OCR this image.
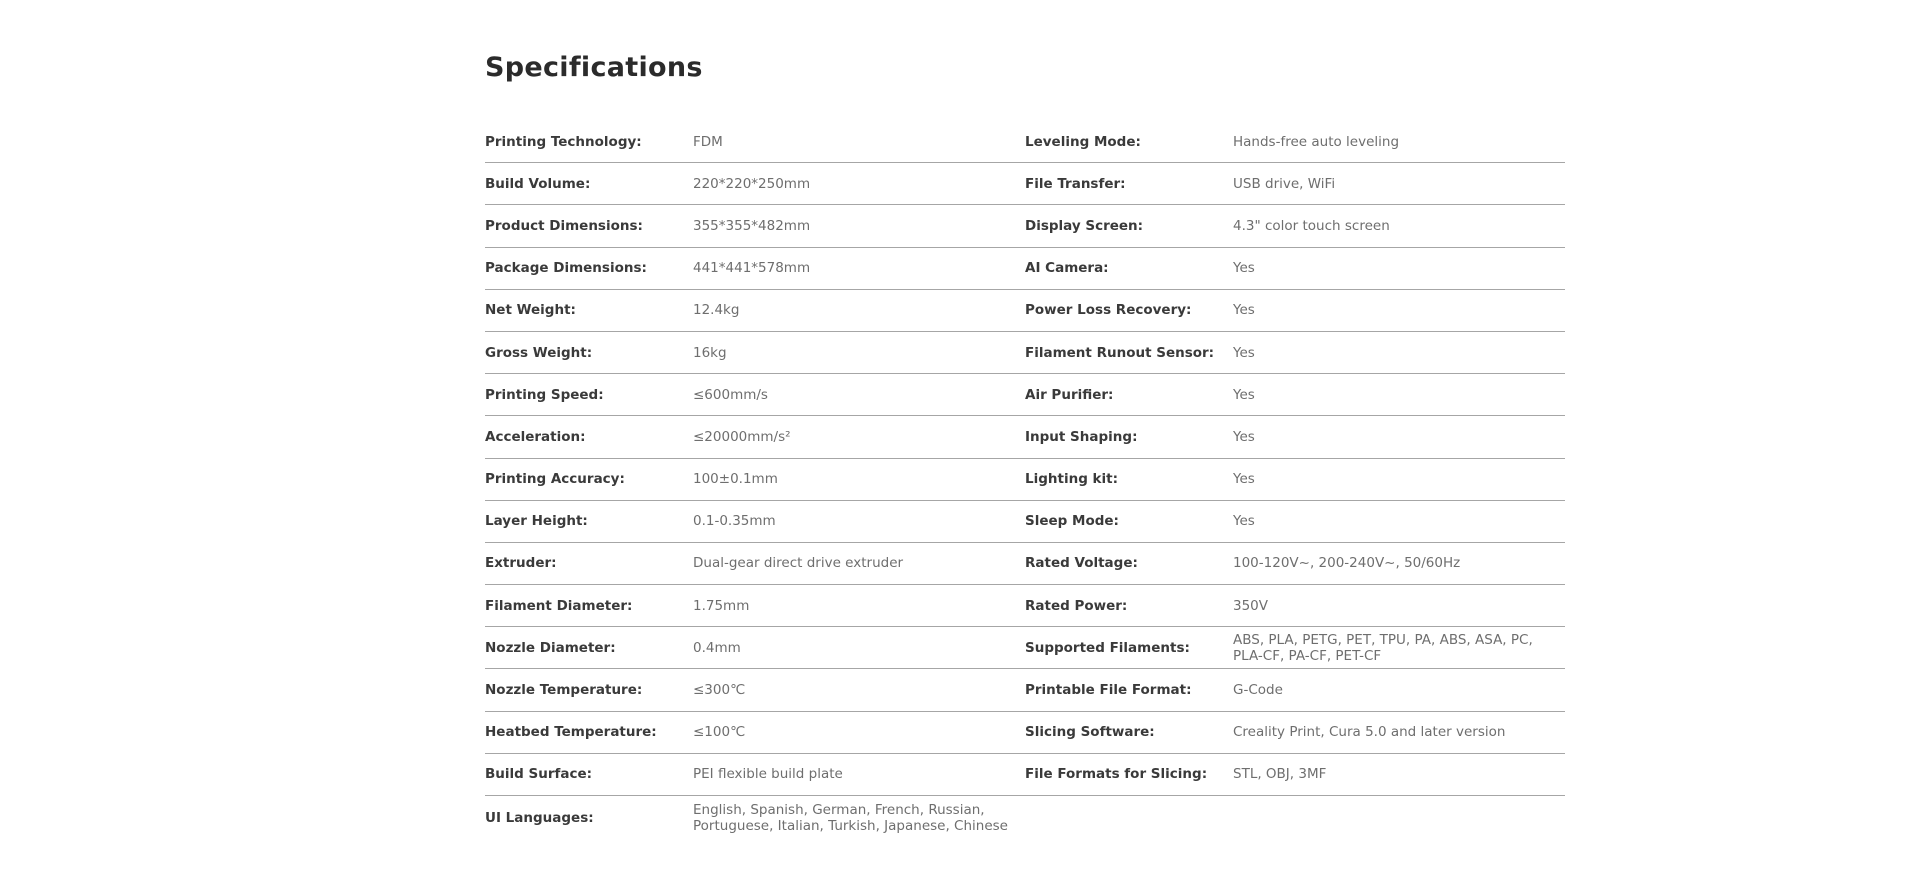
Specifications
Printing Technology:	FDM	Leveling Mode:	Hands-free auto leveling
Build Volume:	220*220*250mm	File Transfer:	USB drive, WiFi
Product Dimensions:	355*355*482mm	Display Screen:	4.3" color touch screen
Package Dimensions:	441*441*578mm	AI Camera:	Yes
Net Weight:	12.4kg	Power Loss Recovery:	Yes
Gross Weight:	16kg	Filament Runout Sensor:	Yes
Printing Speed:	≤600mm/s	Air Purifier:	Yes
Acceleration:	≤20000mm/s²	Input Shaping:	Yes
Printing Accuracy:	100±0.1mm	Lighting kit:	Yes
Layer Height:	0.1-0.35mm	Sleep Mode:	Yes
Extruder:	Dual-gear direct drive extruder	Rated Voltage:	100-120V~, 200-240V~, 50/60Hz
Filament Diameter:	1.75mm	Rated Power:	350V
Nozzle Diameter:	0.4mm	Supported Filaments:	ABS, PLA, PETG, PET, TPU, PA, ABS, ASA, PC, PLA-CF, PA-CF, PET-CF
Nozzle Temperature:	≤300℃	Printable File Format:	G-Code
Heatbed Temperature:	≤100℃	Slicing Software:	Creality Print, Cura 5.0 and later version
Build Surface:	PEI flexible build plate	File Formats for Slicing:	STL, OBJ, 3MF
UI Languages:	English, Spanish, German, French, Russian, Portuguese, Italian, Turkish, Japanese, Chinese
